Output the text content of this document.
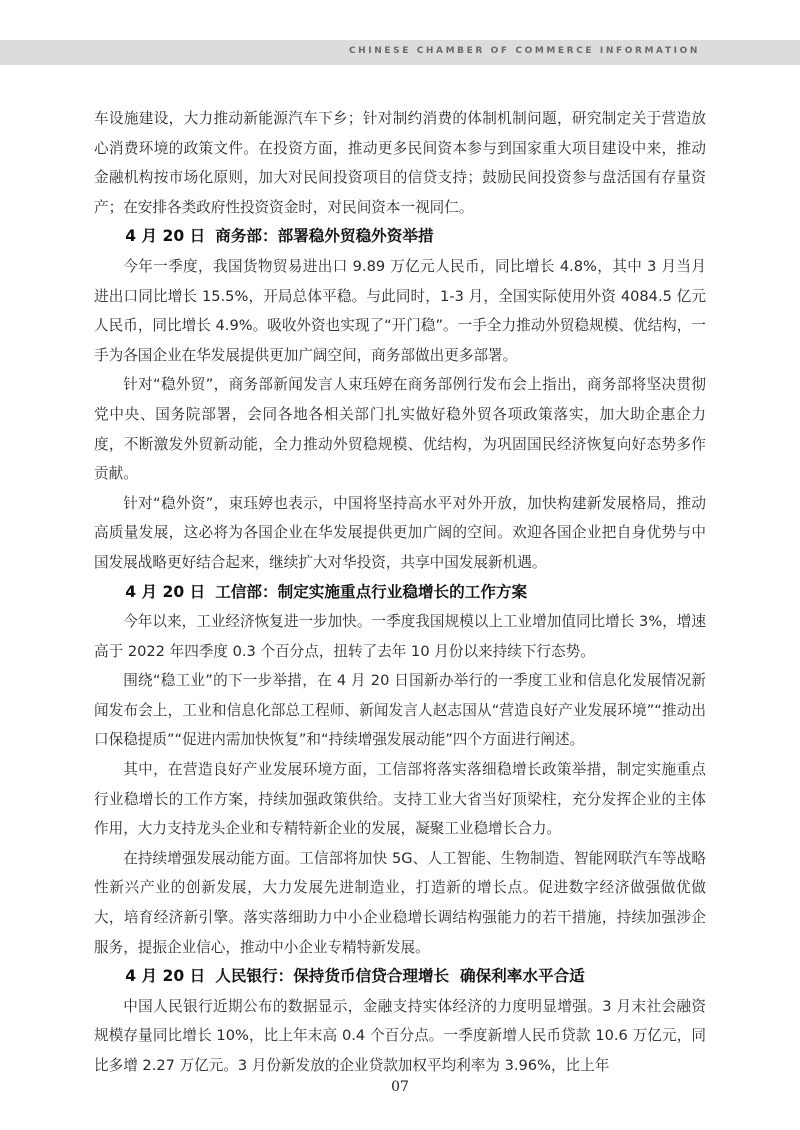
CHINESE CHAMBER OF COMMERCE INFORMATION

车设施建设，大力推动新能源汽车下乡；针对制约消费的体制机制问题，研究制定关于营造放心消费环境的政策文件。在投资方面，推动更多民间资本参与到国家重大项目建设中来，推动金融机构按市场化原则，加大对民间投资项目的信贷支持；鼓励民间投资参与盘活国有存量资产；在安排各类政府性投资资金时，对民间资本一视同仁。

4 月 20 日 商务部：部署稳外贸稳外资举措

今年一季度，我国货物贸易进出口 9.89 万亿元人民币，同比增长 4.8%，其中 3 月当月进出口同比增长 15.5%，开局总体平稳。与此同时，1-3 月，全国实际使用外资 4084.5 亿元人民币，同比增长 4.9%。吸收外资也实现了“开门稳”。一手全力推动外贸稳规模、优结构，一手为各国企业在华发展提供更加广阔空间，商务部做出更多部署。

针对“稳外贸”，商务部新闻发言人束珏婷在商务部例行发布会上指出，商务部将坚决贯彻党中央、国务院部署，会同各地各相关部门扎实做好稳外贸各项政策落实，加大助企惠企力度，不断激发外贸新动能，全力推动外贸稳规模、优结构，为巩固国民经济恢复向好态势多作贡献。

针对“稳外资”，束珏婷也表示，中国将坚持高水平对外开放，加快构建新发展格局，推动高质量发展，这必将为各国企业在华发展提供更加广阔的空间。欢迎各国企业把自身优势与中国发展战略更好结合起来，继续扩大对华投资，共享中国发展新机遇。

4 月 20 日 工信部：制定实施重点行业稳增长的工作方案

今年以来，工业经济恢复进一步加快。一季度我国规模以上工业增加值同比增长 3%，增速高于 2022 年四季度 0.3 个百分点，扭转了去年 10 月份以来持续下行态势。

围绕“稳工业”的下一步举措，在 4 月 20 日国新办举行的一季度工业和信息化发展情况新闻发布会上，工业和信息化部总工程师、新闻发言人赵志国从“营造良好产业发展环境”“推动出口保稳提质”“促进内需加快恢复”和“持续增强发展动能”四个方面进行阐述。

其中，在营造良好产业发展环境方面，工信部将落实落细稳增长政策举措，制定实施重点行业稳增长的工作方案，持续加强政策供给。支持工业大省当好顶梁柱，充分发挥企业的主体作用，大力支持龙头企业和专精特新企业的发展，凝聚工业稳增长合力。

在持续增强发展动能方面。工信部将加快 5G、人工智能、生物制造、智能网联汽车等战略性新兴产业的创新发展，大力发展先进制造业，打造新的增长点。促进数字经济做强做优做大，培育经济新引擎。落实落细助力中小企业稳增长调结构强能力的若干措施，持续加强涉企服务，提振企业信心，推动中小企业专精特新发展。

4 月 20 日 人民银行：保持货币信贷合理增长  确保利率水平合适

中国人民银行近期公布的数据显示，金融支持实体经济的力度明显增强。3 月末社会融资规模存量同比增长 10%，比上年末高 0.4 个百分点。一季度新增人民币贷款 10.6 万亿元，同比多增 2.27 万亿元。3 月份新发放的企业贷款加权平均利率为 3.96%，比上年

07
